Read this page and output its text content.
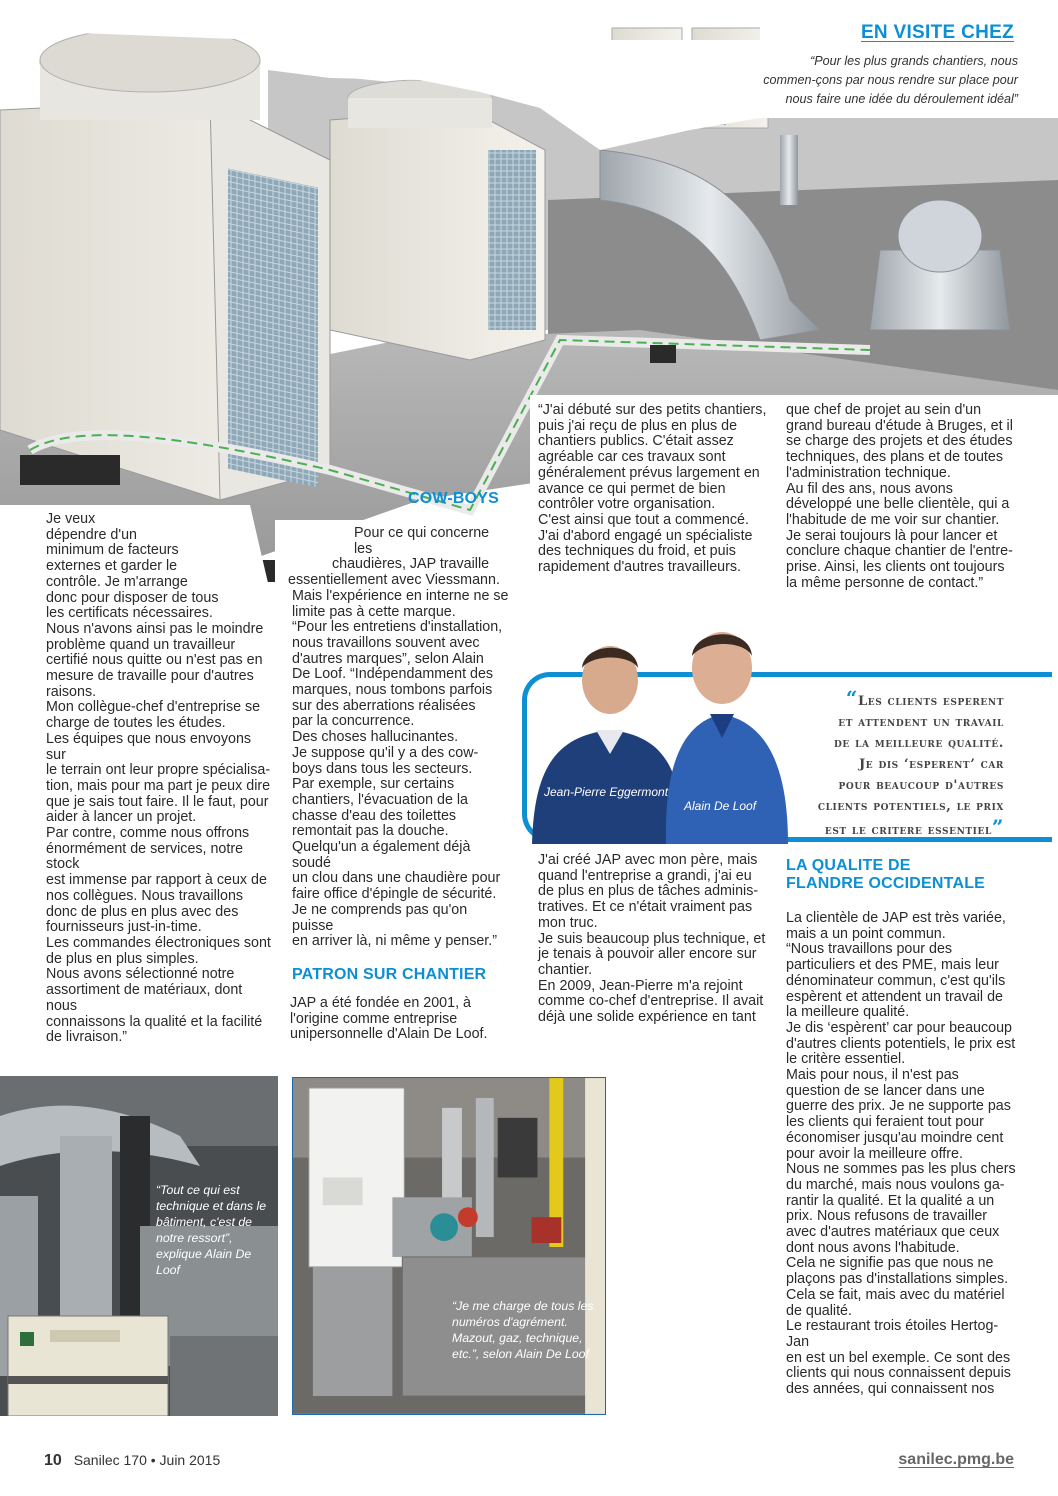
EN VISITE CHEZ
“Pour les plus grands chantiers, nous commen-çons par nous rendre sur place pour nous faire une idée du déroulement idéal”

Je veux

dépendre d'un

minimum de facteurs

externes et garder le

contrôle. Je m'arrange

donc pour disposer de tous

les certificats nécessaires.

Nous n'avons ainsi pas le moindre

problème quand un travailleur

certifié nous quitte ou n'est pas en

mesure de travaille pour d'autres

raisons.

Mon collègue-chef d'entreprise se

charge de toutes les études.

Les équipes que nous envoyons sur

le terrain ont leur propre spécialisa-

tion, mais pour ma part je peux dire

que je sais tout faire. Il le faut, pour

aider à lancer un projet.

Par contre, comme nous offrons

énormément de services, notre stock

est immense par rapport à ceux de

nos collègues. Nous travaillons

donc de plus en plus avec des

fournisseurs just-in-time.

Les commandes électroniques sont

de plus en plus simples.

Nous avons sélectionné notre

assortiment de matériaux, dont nous

connaissons la qualité et la facilité

de livraison.”

COW-BOYS

Pour ce qui concerne les

chaudières, JAP travaille

essentiellement avec Viessmann.

Mais l'expérience en interne ne se

limite pas à cette marque.

“Pour les entretiens d'installation,

nous travaillons souvent avec

d'autres marques”, selon Alain

De Loof. “Indépendamment des

marques, nous tombons parfois

sur des aberrations réalisées

par la concurrence.

Des choses hallucinantes.

Je suppose qu'il y a des cow-

boys dans tous les secteurs.

Par exemple, sur certains

chantiers, l'évacuation de la

chasse d'eau des toilettes

remontait pas la douche.

Quelqu'un a également déjà soudé

un clou dans une chaudière pour

faire office d'épingle de sécurité.

Je ne comprends pas qu'on puisse

en arriver là, ni même y penser.”

PATRON SUR CHANTIER

JAP a été fondée en 2001, à

l'origine comme entreprise

unipersonnelle d'Alain De Loof.

“J'ai débuté sur des petits chantiers,

puis j'ai reçu de plus en plus de

chantiers publics. C'était assez

agréable car ces travaux sont

généralement prévus largement en

avance ce qui permet de bien

contrôler votre organisation.

C'est ainsi que tout a commencé.

J'ai d'abord engagé un spécialiste

des techniques du froid, et puis

rapidement d'autres travailleurs.

que chef de projet au sein d'un

grand bureau d'étude à Bruges, et il

se charge des projets et des études

techniques, des plans et de toutes

l'administration technique.

Au fil des ans, nous avons

développé une belle clientèle, qui a

l'habitude de me voir sur chantier.

Je serai toujours là pour lancer et

conclure chaque chantier de l'entre-

prise. Ainsi, les clients ont toujours

la même personne de contact.”

Jean-Pierre Eggermont
Alain De Loof
“Les clients esperent
et attendent un travail
de la meilleure qualité.
Je dis ‘esperent’ car
pour beaucoup d'autres
clients potentiels, le prix
est le critere essentiel”

J'ai créé JAP avec mon père, mais

quand l'entreprise a grandi, j'ai eu

de plus en plus de tâches adminis-

tratives. Et ce n'était vraiment pas

mon truc.

Je suis beaucoup plus technique, et

je tenais à pouvoir aller encore sur

chantier.

En 2009, Jean-Pierre m'a rejoint

comme co-chef d'entreprise. Il avait

déjà une solide expérience en tant

LA QUALITE DE
FLANDRE OCCIDENTALE

La clientèle de JAP est très variée,

mais a un point commun.

“Nous travaillons pour des

particuliers et des PME, mais leur

dénominateur commun, c'est qu'ils

espèrent et attendent un travail de

la meilleure qualité.

Je dis ‘espèrent’ car pour beaucoup

d'autres clients potentiels, le prix est

le critère essentiel.

Mais pour nous, il n'est pas

question de se lancer dans une

guerre des prix. Je ne supporte pas

les clients qui feraient tout pour

économiser jusqu'au moindre cent

pour avoir la meilleure offre.

Nous ne sommes pas les plus chers

du marché, mais nous voulons ga-

rantir la qualité. Et la qualité a un

prix. Nous refusons de travailler

avec d'autres matériaux que ceux

dont nous avons l'habitude.

Cela ne signifie pas que nous ne

plaçons pas d'installations simples.

Cela se fait, mais avec du matériel

de qualité.

Le restaurant trois étoiles Hertog-Jan

en est un bel exemple. Ce sont des

clients qui nous connaissent depuis

des années, qui connaissent nos

“Tout ce qui est technique et dans le bâtiment, c'est de notre ressort”, explique Alain De Loof
“Je me charge de tous les numéros d'agrément. Mazout, gaz, technique, etc.”, selon Alain De Loof
10 Sanilec 170 • Juin 2015	sanilec.pmg.be
